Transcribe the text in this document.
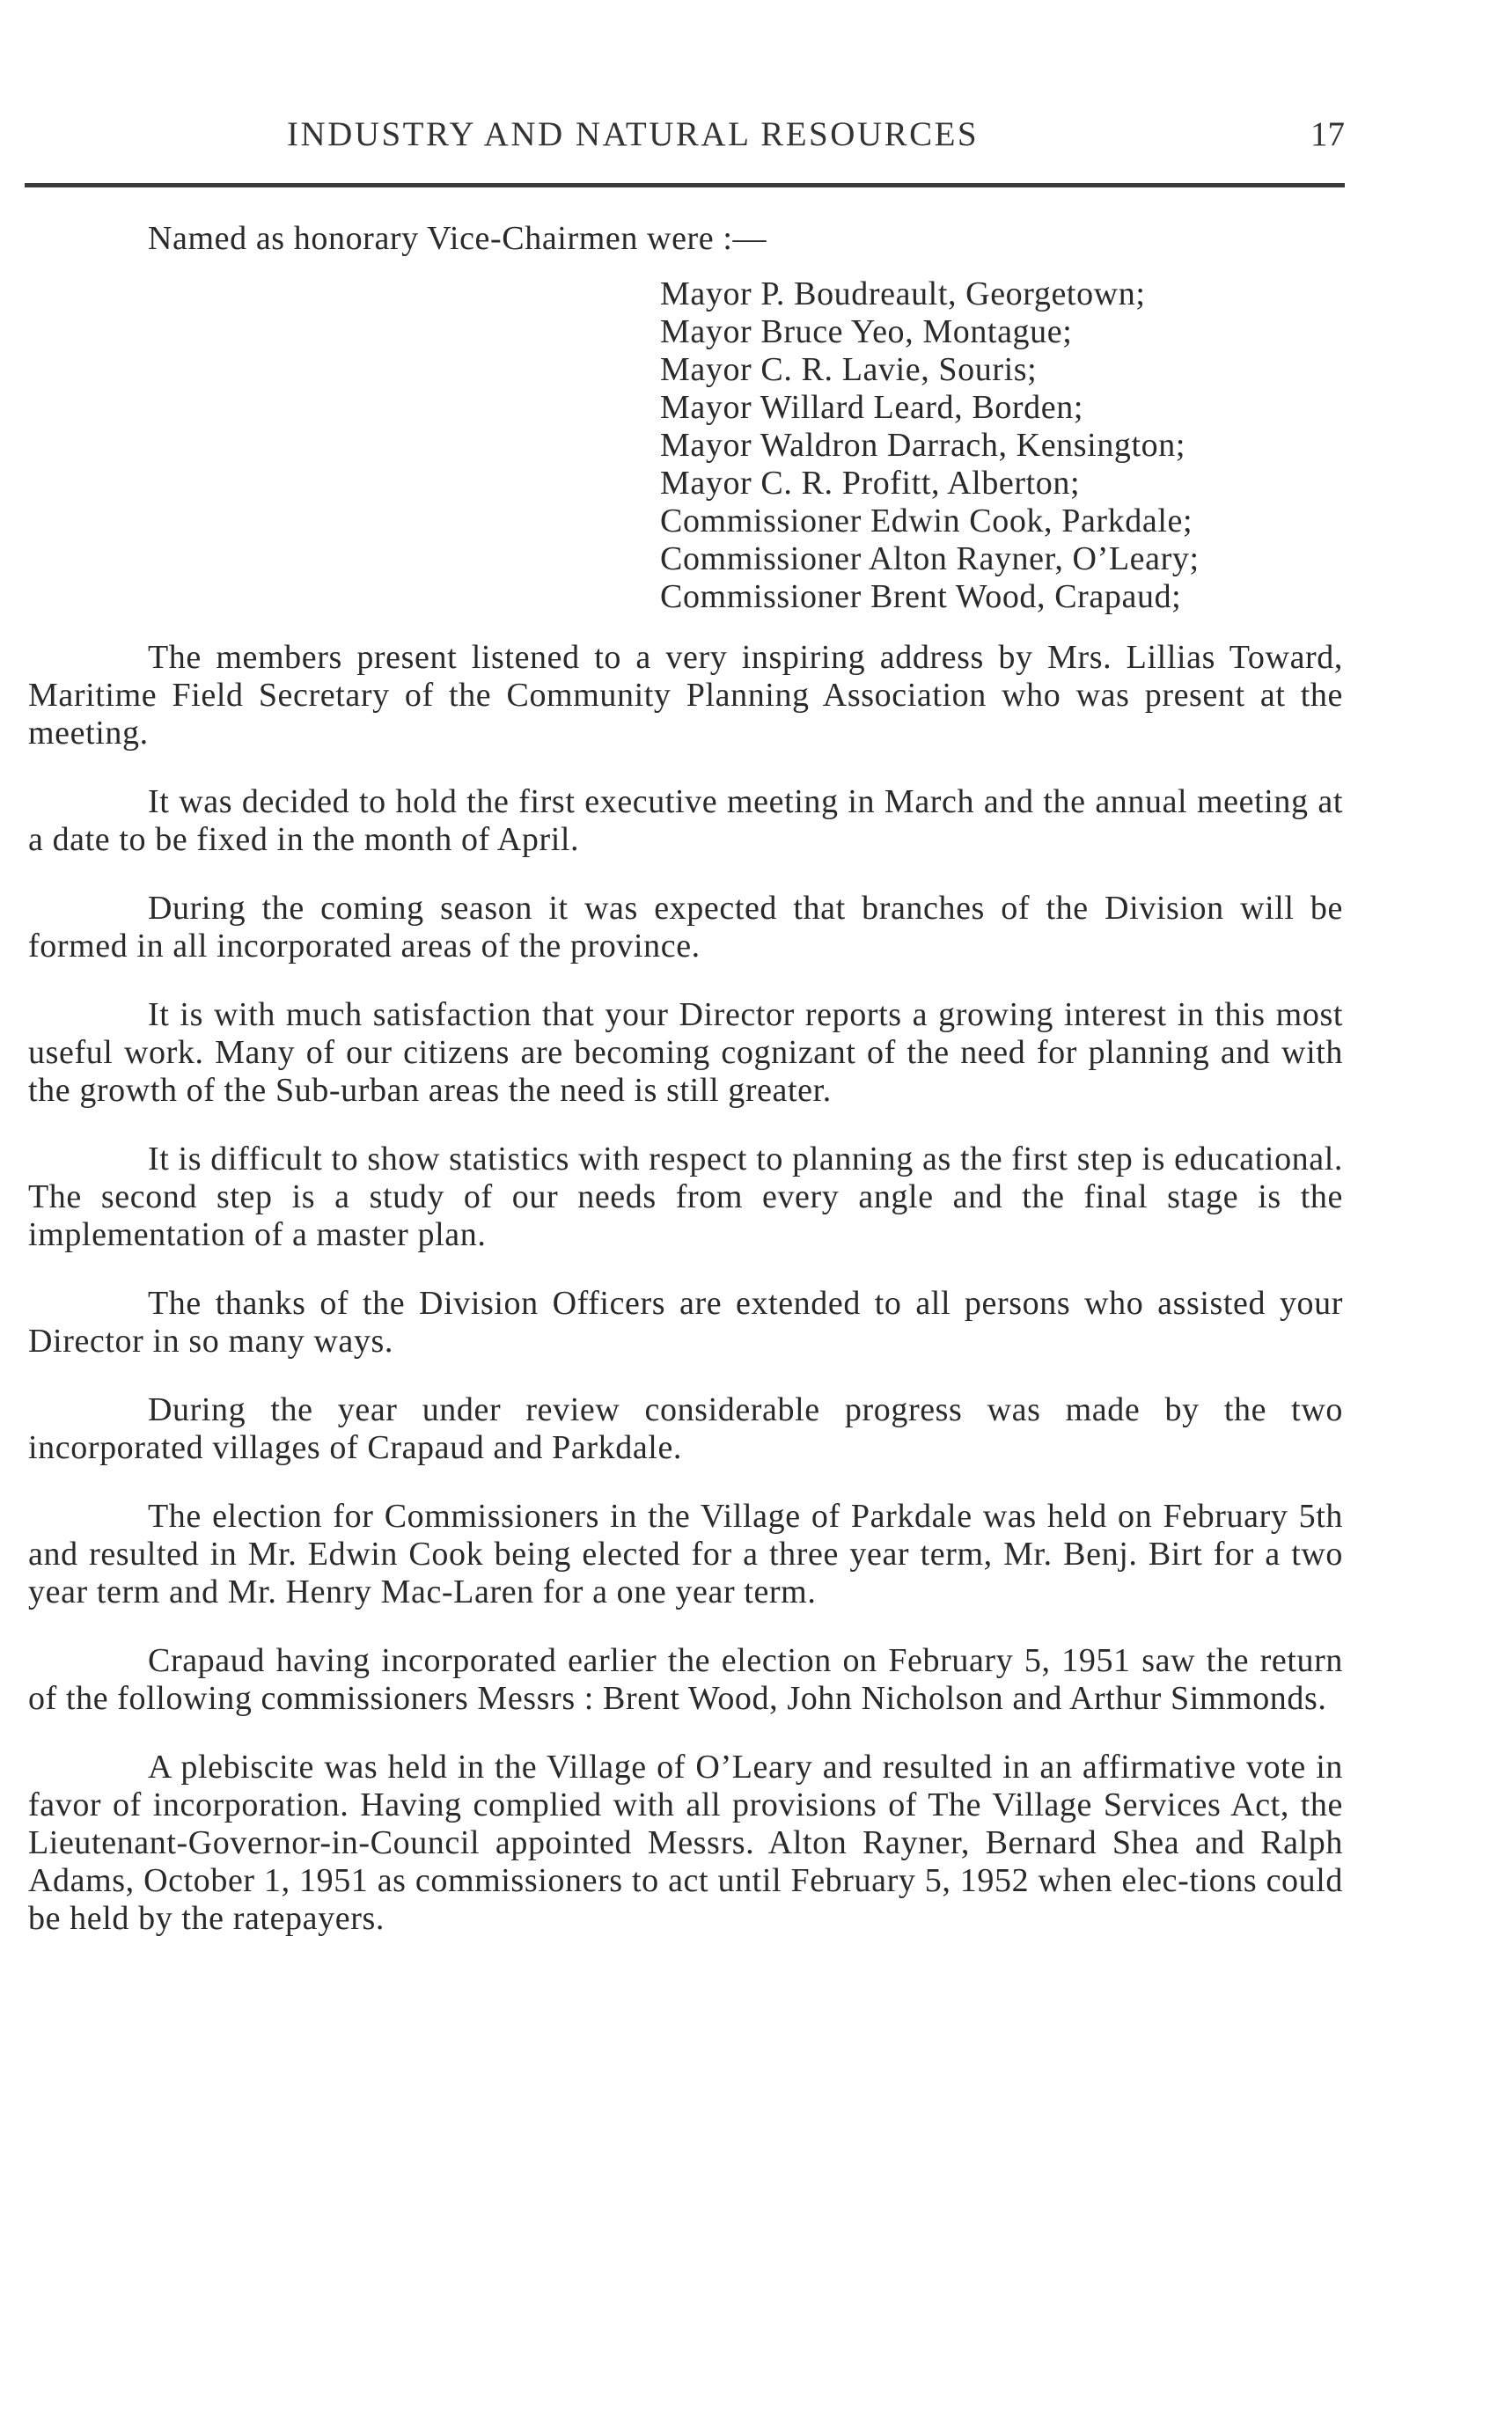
INDUSTRY AND NATURAL RESOURCES	17

Named as honorary Vice-Chairmen were :—

Mayor P. Boudreault, Georgetown;
Mayor Bruce Yeo, Montague;
Mayor C. R. Lavie, Souris;
Mayor Willard Leard, Borden;
Mayor Waldron Darrach, Kensington;
Mayor C. R. Profitt, Alberton;
Commissioner Edwin Cook, Parkdale;
Commissioner Alton Rayner, O’Leary;
Commissioner Brent Wood, Crapaud;

The members present listened to a very inspiring address by Mrs. Lillias Toward, Maritime Field Secretary of the Community Planning Association who was present at the meeting.

It was decided to hold the first executive meeting in March and the annual meeting at a date to be fixed in the month of April.

During the coming season it was expected that branches of the Division will be formed in all incorporated areas of the province.

It is with much satisfaction that your Director reports a growing interest in this most useful work. Many of our citizens are becoming cognizant of the need for planning and with the growth of the Sub-urban areas the need is still greater.

It is difficult to show statistics with respect to planning as the first step is educational. The second step is a study of our needs from every angle and the final stage is the implementation of a master plan.

The thanks of the Division Officers are extended to all persons who assisted your Director in so many ways.

During the year under review considerable progress was made by the two incorporated villages of Crapaud and Parkdale.

The election for Commissioners in the Village of Parkdale was held on February 5th and resulted in Mr. Edwin Cook being elected for a three year term, Mr. Benj. Birt for a two year term and Mr. Henry Mac-Laren for a one year term.

Crapaud having incorporated earlier the election on February 5, 1951 saw the return of the following commissioners Messrs : Brent Wood, John Nicholson and Arthur Simmonds.

A plebiscite was held in the Village of O’Leary and resulted in an affirmative vote in favor of incorporation. Having complied with all provisions of The Village Services Act, the Lieutenant-Governor-in-Council appointed Messrs. Alton Rayner, Bernard Shea and Ralph Adams, October 1, 1951 as commissioners to act until February 5, 1952 when elec-tions could be held by the ratepayers.
